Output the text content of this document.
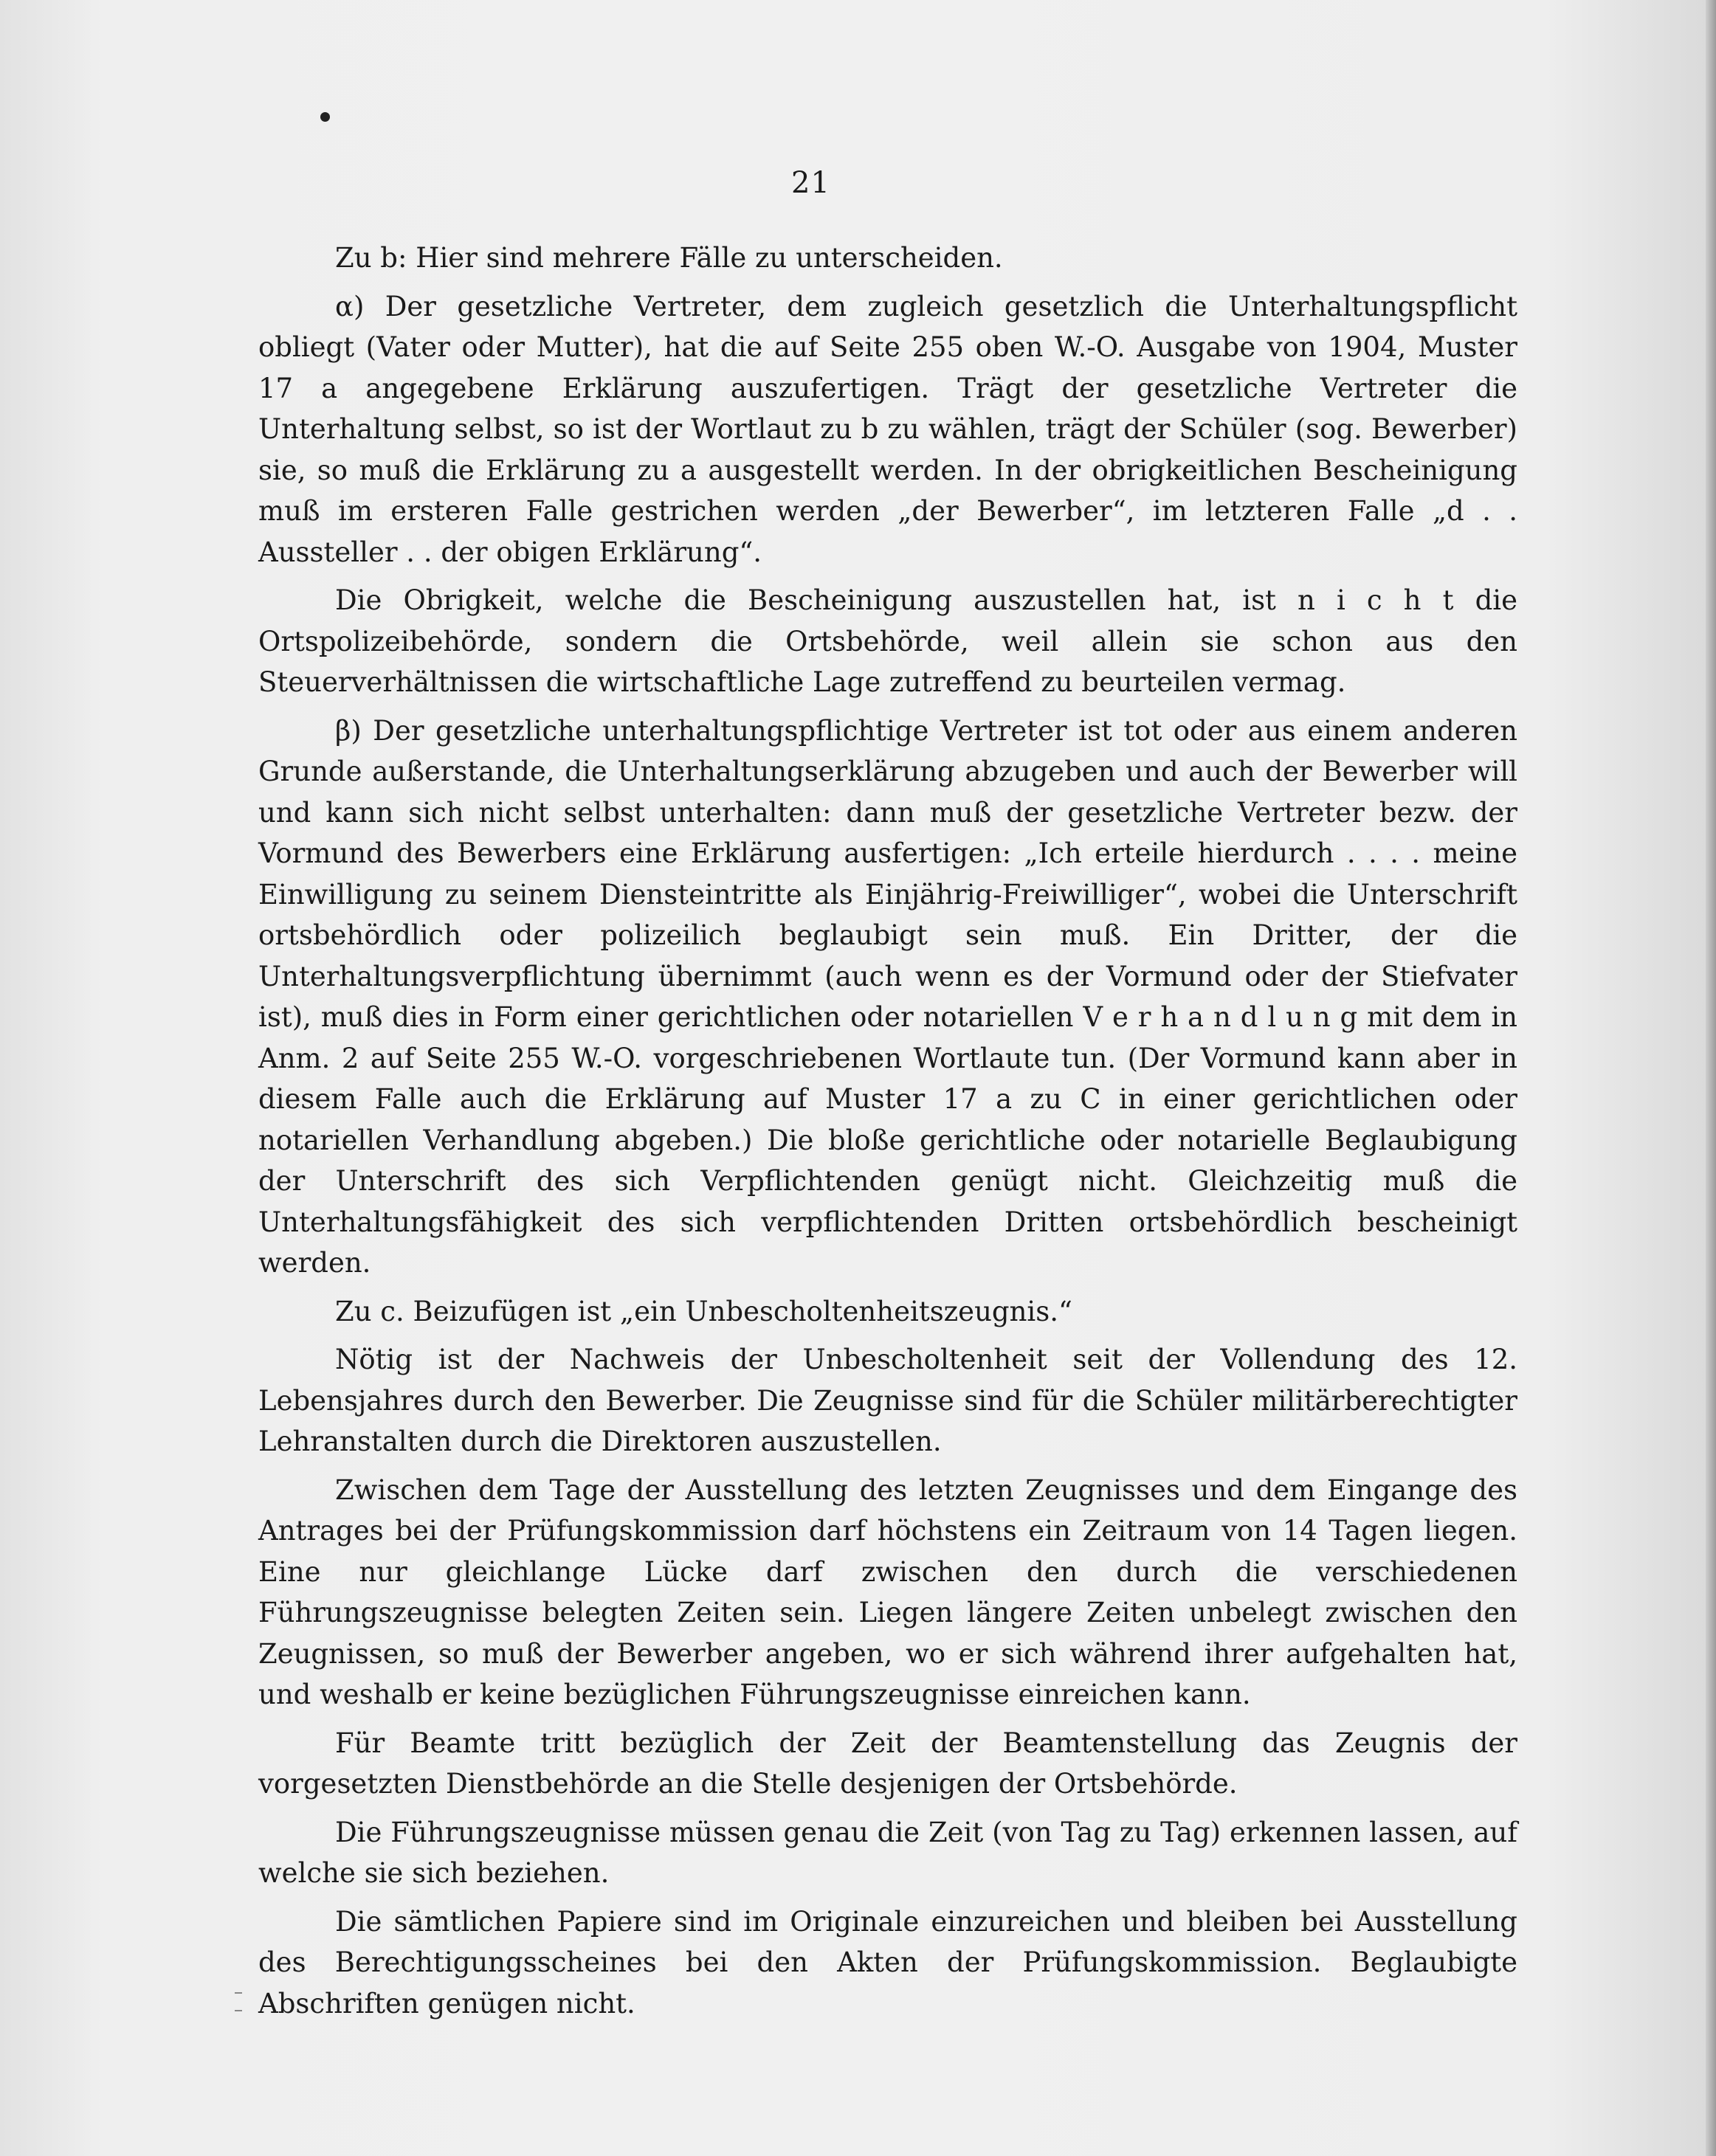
21

Zu b: Hier sind mehrere Fälle zu unterscheiden.

α) Der gesetzliche Vertreter, dem zugleich gesetzlich die Unterhaltungspflicht obliegt (Vater oder Mutter), hat die auf Seite 255 oben W.-O. Ausgabe von 1904, Muster 17 a angegebene Erklärung auszufertigen. Trägt der gesetzliche Vertreter die Unterhaltung selbst, so ist der Wortlaut zu b zu wählen, trägt der Schüler (sog. Bewerber) sie, so muß die Erklärung zu a ausgestellt werden. In der obrigkeitlichen Bescheinigung muß im ersteren Falle gestrichen werden „der Bewerber“, im letzteren Falle „d . . Aussteller . . der obigen Erklärung“.

Die Obrigkeit, welche die Bescheinigung auszustellen hat, ist n i c h t die Ortspolizeibehörde, sondern die Ortsbehörde, weil allein sie schon aus den Steuerverhältnissen die wirtschaftliche Lage zutreffend zu beurteilen vermag.

β) Der gesetzliche unterhaltungspflichtige Vertreter ist tot oder aus einem anderen Grunde außerstande, die Unterhaltungserklärung abzugeben und auch der Bewerber will und kann sich nicht selbst unterhalten: dann muß der gesetzliche Vertreter bezw. der Vormund des Bewerbers eine Erklärung ausfertigen: „Ich erteile hierdurch . . . . meine Einwilligung zu seinem Diensteintritte als Einjährig-Freiwilliger“, wobei die Unterschrift ortsbehördlich oder polizeilich beglaubigt sein muß. Ein Dritter, der die Unterhaltungsverpflichtung übernimmt (auch wenn es der Vormund oder der Stiefvater ist), muß dies in Form einer gerichtlichen oder notariellen V e r h a n d l u n g mit dem in Anm. 2 auf Seite 255 W.-O. vorgeschriebenen Wortlaute tun. (Der Vormund kann aber in diesem Falle auch die Erklärung auf Muster 17 a zu C in einer gerichtlichen oder notariellen Verhandlung abgeben.) Die bloße gerichtliche oder notarielle Beglaubigung der Unterschrift des sich Verpflichtenden genügt nicht. Gleichzeitig muß die Unterhaltungsfähigkeit des sich verpflichtenden Dritten ortsbehördlich bescheinigt werden.

Zu c. Beizufügen ist „ein Unbescholtenheitszeugnis.“

Nötig ist der Nachweis der Unbescholtenheit seit der Vollendung des 12. Lebensjahres durch den Bewerber. Die Zeugnisse sind für die Schüler militärberechtigter Lehranstalten durch die Direktoren auszustellen.

Zwischen dem Tage der Ausstellung des letzten Zeugnisses und dem Eingange des Antrages bei der Prüfungskommission darf höchstens ein Zeitraum von 14 Tagen liegen. Eine nur gleichlange Lücke darf zwischen den durch die verschiedenen Führungszeugnisse belegten Zeiten sein. Liegen längere Zeiten unbelegt zwischen den Zeugnissen, so muß der Bewerber angeben, wo er sich während ihrer aufgehalten hat, und weshalb er keine bezüglichen Führungszeugnisse einreichen kann.

Für Beamte tritt bezüglich der Zeit der Beamtenstellung das Zeugnis der vorgesetzten Dienstbehörde an die Stelle desjenigen der Ortsbehörde.

Die Führungszeugnisse müssen genau die Zeit (von Tag zu Tag) erkennen lassen, auf welche sie sich beziehen.

Die sämtlichen Papiere sind im Originale einzureichen und bleiben bei Ausstellung des Berechtigungsscheines bei den Akten der Prüfungskommission. Beglaubigte Abschriften genügen nicht.
